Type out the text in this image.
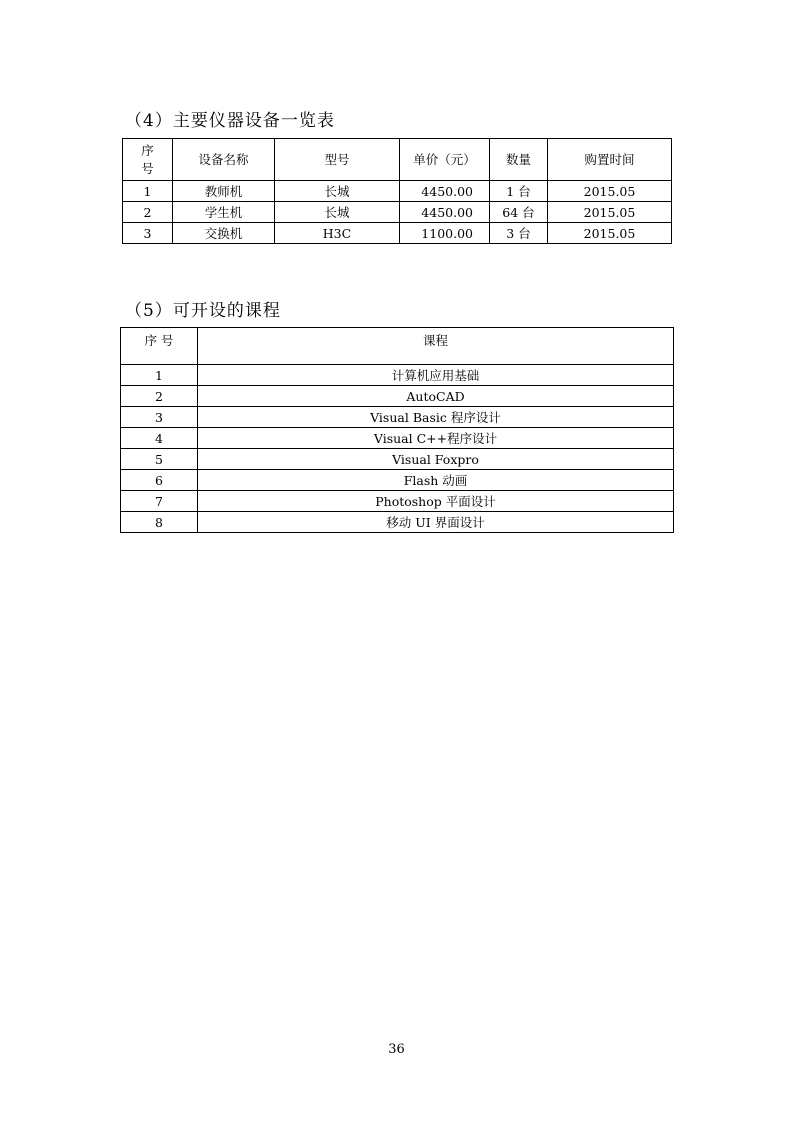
（4）主要仪器设备一览表
序号	设备名称	型号	单价（元）	数量	购置时间
1	教师机	长城	4450.00	1 台	2015.05
2	学生机	长城	4450.00	64 台	2015.05
3	交换机	H3C	1100.00	3 台	2015.05
（5）可开设的课程
序 号	课程
1	计算机应用基础
2	AutoCAD
3	Visual Basic 程序设计
4	Visual C++程序设计
5	Visual Foxpro
6	Flash 动画
7	Photoshop 平面设计
8	移动 UI 界面设计
36
